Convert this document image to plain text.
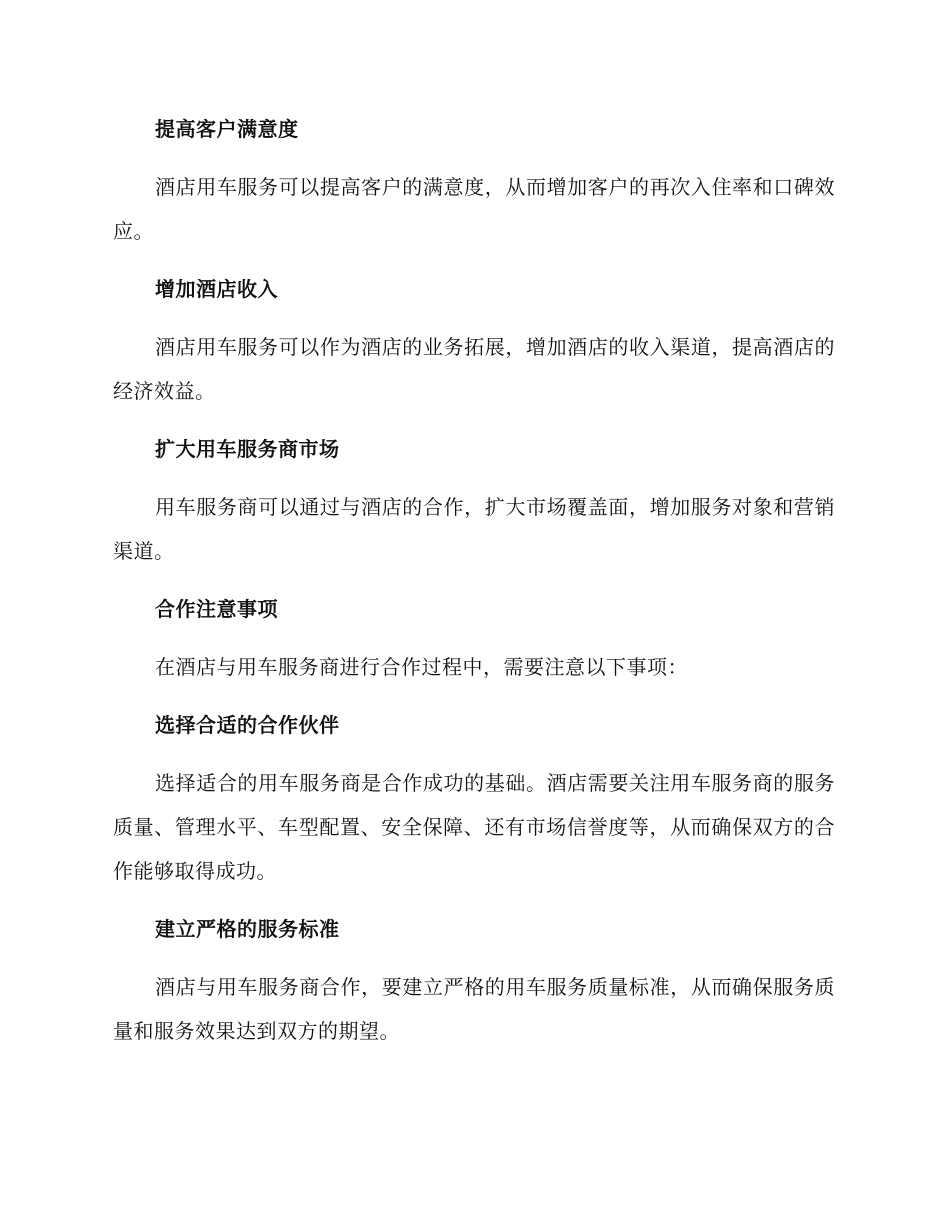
提高客户满意度
酒店用车服务可以提高客户的满意度，从而增加客户的再次入住率和口碑效应。
增加酒店收入
酒店用车服务可以作为酒店的业务拓展，增加酒店的收入渠道，提高酒店的经济效益。
扩大用车服务商市场
用车服务商可以通过与酒店的合作，扩大市场覆盖面，增加服务对象和营销渠道。
合作注意事项
在酒店与用车服务商进行合作过程中，需要注意以下事项：
选择合适的合作伙伴
选择适合的用车服务商是合作成功的基础。酒店需要关注用车服务商的服务质量、管理水平、车型配置、安全保障、还有市场信誉度等，从而确保双方的合作能够取得成功。
建立严格的服务标准
酒店与用车服务商合作，要建立严格的用车服务质量标准，从而确保服务质量和服务效果达到双方的期望。
